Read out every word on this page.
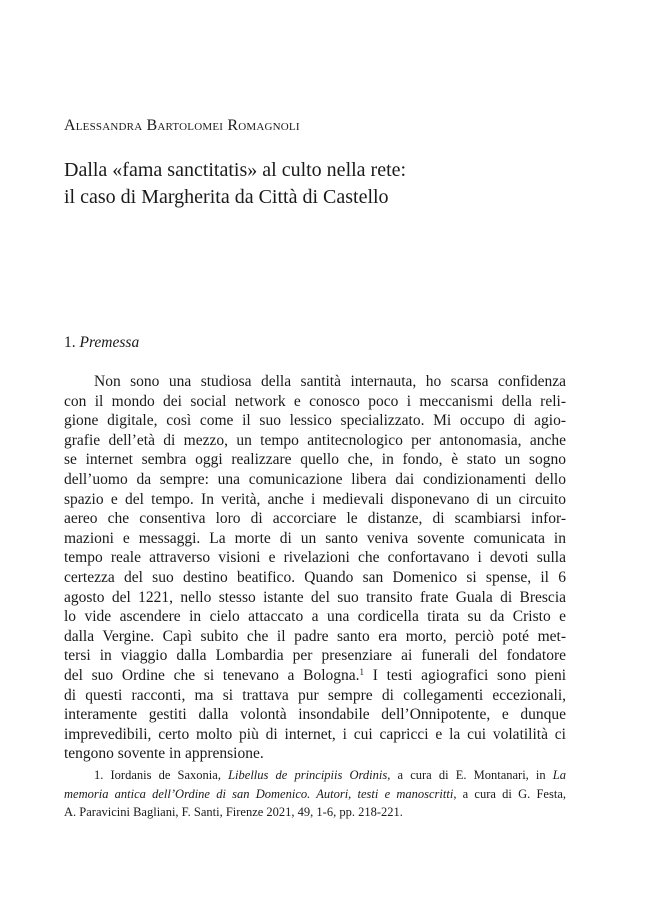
Alessandra Bartolomei Romagnoli
Dalla «fama sanctitatis» al culto nella rete:
il caso di Margherita da Città di Castello
1. Premessa
Non sono una studiosa della santità internauta, ho scarsa confidenza
con il mondo dei social network e conosco poco i meccanismi della reli-
gione digitale, così come il suo lessico specializzato. Mi occupo di agio-
grafie dell’età di mezzo, un tempo antitecnologico per antonomasia, anche
se internet sembra oggi realizzare quello che, in fondo, è stato un sogno
dell’uomo da sempre: una comunicazione libera dai condizionamenti dello
spazio e del tempo. In verità, anche i medievali disponevano di un circuito
aereo che consentiva loro di accorciare le distanze, di scambiarsi infor-
mazioni e messaggi. La morte di un santo veniva sovente comunicata in
tempo reale attraverso visioni e rivelazioni che confortavano i devoti sulla
certezza del suo destino beatifico. Quando san Domenico si spense, il 6
agosto del 1221, nello stesso istante del suo transito frate Guala di Brescia
lo vide ascendere in cielo attaccato a una cordicella tirata su da Cristo e
dalla Vergine. Capì subito che il padre santo era morto, perciò poté met-
tersi in viaggio dalla Lombardia per presenziare ai funerali del fondatore
del suo Ordine che si tenevano a Bologna.$^1$ I testi agiografici sono pieni
di questi racconti, ma si trattava pur sempre di collegamenti eccezionali,
interamente gestiti dalla volontà insondabile dell’Onnipotente, e dunque
imprevedibili, certo molto più di internet, i cui capricci e la cui volatilità ci
tengono sovente in apprensione.
1. Iordanis de Saxonia, Libellus de principiis Ordinis, a cura di E. Montanari, in La
memoria antica dell’Ordine di san Domenico. Autori, testi e manoscritti, a cura di G. Festa,
A. Paravicini Bagliani, F. Santi, Firenze 2021, 49, 1-6, pp. 218-221.
